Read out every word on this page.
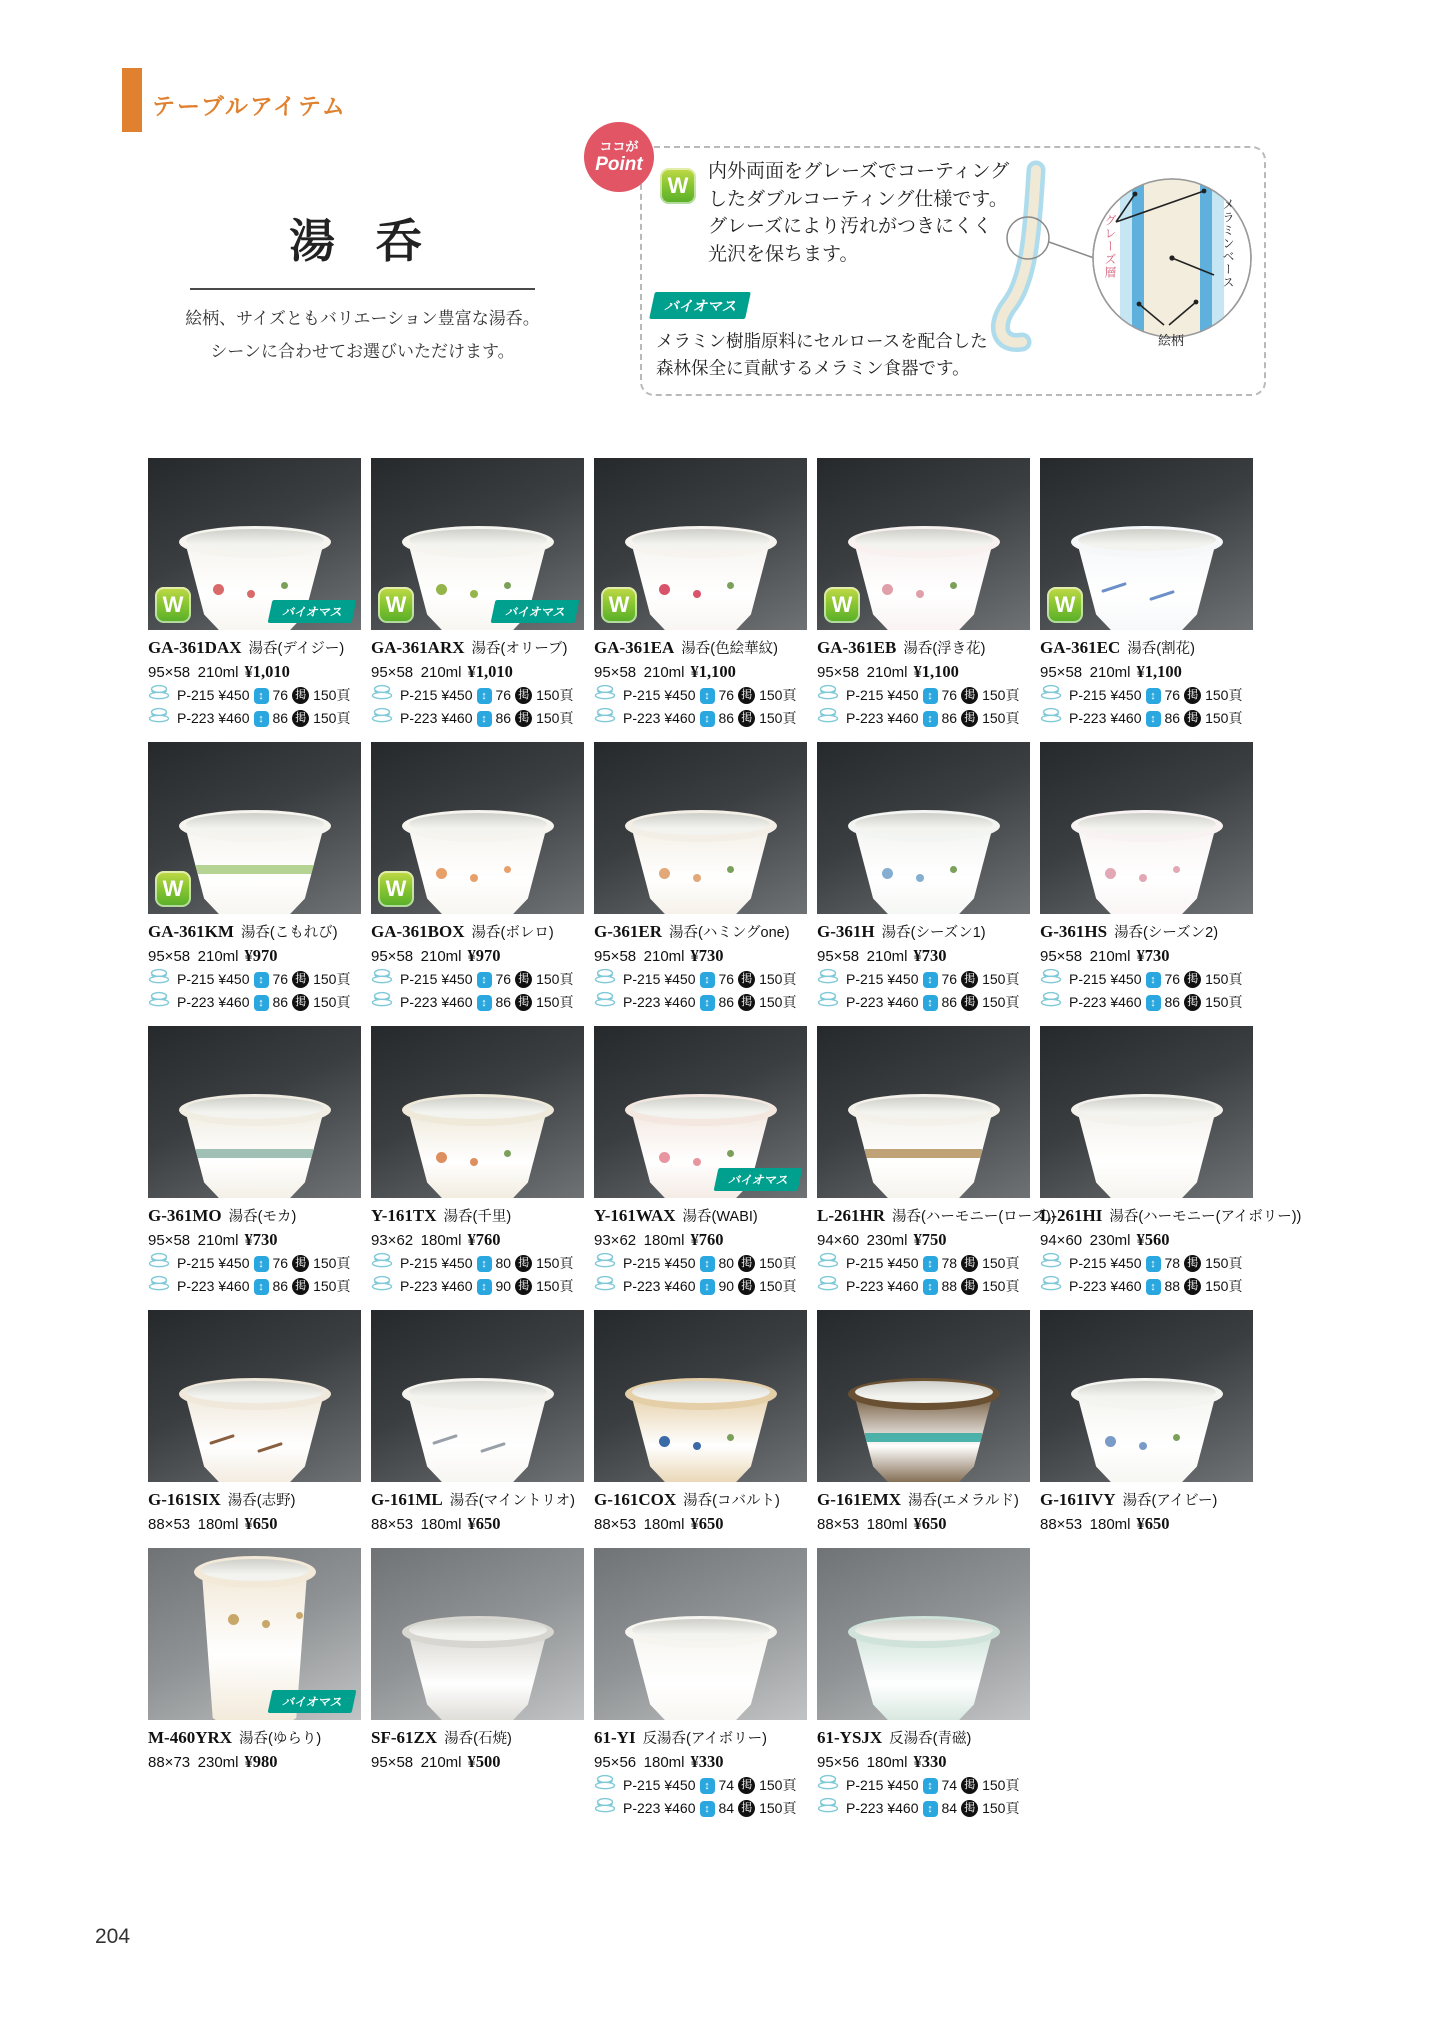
テーブルアイテム
湯 呑
絵柄、サイズともバリエーション豊富な湯呑。
シーンに合わせてお選びいただけます。
ココが
Point
W
内外両面をグレーズでコーティング
したダブルコーティング仕様です。
グレーズにより汚れがつきにくく
光沢を保ちます。
バイオマス
メラミン樹脂原料にセルロースを配合した
森林保全に貢献するメラミン食器です。
グレーズ層	メラミンベース
絵柄
W	バイオマス
GA-361DAX 湯呑(デイジー)
95×58  210ml ¥1,010
P-215 ¥450 ↕ 76 掲 150頁
P-223 ¥460 ↕ 86 掲 150頁
W	バイオマス
GA-361ARX 湯呑(オリーブ)
95×58  210ml ¥1,010
P-215 ¥450 ↕ 76 掲 150頁
P-223 ¥460 ↕ 86 掲 150頁
W
GA-361EA 湯呑(色絵華紋)
95×58  210ml ¥1,100
P-215 ¥450 ↕ 76 掲 150頁
P-223 ¥460 ↕ 86 掲 150頁
W
GA-361EB 湯呑(浮き花)
95×58  210ml ¥1,100
P-215 ¥450 ↕ 76 掲 150頁
P-223 ¥460 ↕ 86 掲 150頁
W
GA-361EC 湯呑(割花)
95×58  210ml ¥1,100
P-215 ¥450 ↕ 76 掲 150頁
P-223 ¥460 ↕ 86 掲 150頁
W
GA-361KM 湯呑(こもれび)
95×58  210ml ¥970
P-215 ¥450 ↕ 76 掲 150頁
P-223 ¥460 ↕ 86 掲 150頁
W
GA-361BOX 湯呑(ボレロ)
95×58  210ml ¥970
P-215 ¥450 ↕ 76 掲 150頁
P-223 ¥460 ↕ 86 掲 150頁
G-361ER 湯呑(ハミングone)
95×58  210ml ¥730
P-215 ¥450 ↕ 76 掲 150頁
P-223 ¥460 ↕ 86 掲 150頁
G-361H 湯呑(シーズン1)
95×58  210ml ¥730
P-215 ¥450 ↕ 76 掲 150頁
P-223 ¥460 ↕ 86 掲 150頁
G-361HS 湯呑(シーズン2)
95×58  210ml ¥730
P-215 ¥450 ↕ 76 掲 150頁
P-223 ¥460 ↕ 86 掲 150頁
G-361MO 湯呑(モカ)
95×58  210ml ¥730
P-215 ¥450 ↕ 76 掲 150頁
P-223 ¥460 ↕ 86 掲 150頁
Y-161TX 湯呑(千里)
93×62  180ml ¥760
P-215 ¥450 ↕ 80 掲 150頁
P-223 ¥460 ↕ 90 掲 150頁
バイオマス
Y-161WAX 湯呑(WABI)
93×62  180ml ¥760
P-215 ¥450 ↕ 80 掲 150頁
P-223 ¥460 ↕ 90 掲 150頁
L-261HR 湯呑(ハーモニー(ローズ))
94×60  230ml ¥750
P-215 ¥450 ↕ 78 掲 150頁
P-223 ¥460 ↕ 88 掲 150頁
L-261HI 湯呑(ハーモニー(アイボリー))
94×60  230ml ¥560
P-215 ¥450 ↕ 78 掲 150頁
P-223 ¥460 ↕ 88 掲 150頁
G-161SIX 湯呑(志野)
88×53  180ml ¥650
G-161ML 湯呑(マイントリオ)
88×53  180ml ¥650
G-161COX 湯呑(コバルト)
88×53  180ml ¥650
G-161EMX 湯呑(エメラルド)
88×53  180ml ¥650
G-161IVY 湯呑(アイビー)
88×53  180ml ¥650
バイオマス
M-460YRX 湯呑(ゆらり)
88×73  230ml ¥980
SF-61ZX 湯呑(石焼)
95×58  210ml ¥500
61-YI 反湯呑(アイボリー)
95×56  180ml ¥330
P-215 ¥450 ↕ 74 掲 150頁
P-223 ¥460 ↕ 84 掲 150頁
61-YSJX 反湯呑(青磁)
95×56  180ml ¥330
P-215 ¥450 ↕ 74 掲 150頁
P-223 ¥460 ↕ 84 掲 150頁
204
